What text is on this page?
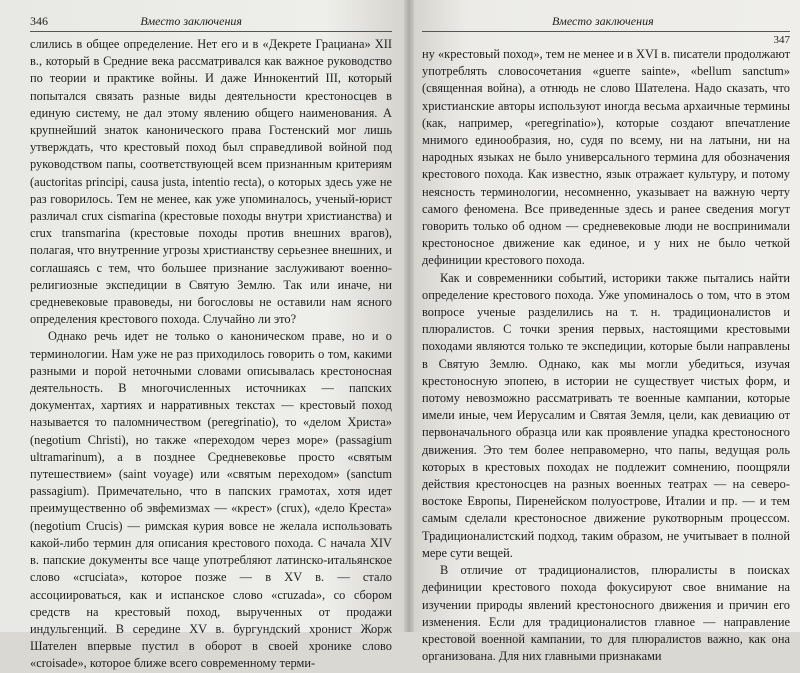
346	Вместо заключения

слились в общее определение. Нет его и в «Декрете Грациана» XII в., который в Средние века рассматривался как важное руководство по теории и практике войны. И даже Иннокентий III, который попытался связать разные виды деятельности крестоносцев в единую систему, не дал этому явлению общего наименования. А крупнейший знаток канонического права Гостенский мог лишь утверждать, что крестовый поход был справедливой войной под руководством папы, соответствующей всем признанным критериям (auctoritas principi, causa justa, intentio recta), о которых здесь уже не раз говорилось. Тем не менее, как уже упоминалось, ученый-юрист различал crux cismarina (крестовые походы внутри христианства) и crux transmarina (крестовые походы против внешних врагов), полагая, что внутренние угрозы христианству серьезнее внешних, и соглашаясь с тем, что большее признание заслуживают военно-религиозные экспедиции в Святую Землю. Так или иначе, ни средневековые правоведы, ни богословы не оставили нам ясного определения крестового похода. Случайно ли это?

Однако речь идет не только о каноническом праве, но и о терминологии. Нам уже не раз приходилось говорить о том, какими разными и порой неточными словами описывалась крестоносная деятельность. В многочисленных источниках — папских документах, хартиях и нарративных текстах — крестовый поход называется то паломничеством (peregrinatio), то «делом Христа» (negotium Christi), но также «переходом через море» (passagium ultramarinum), а в позднее Средневековье просто «святым путешествием» (saint voyage) или «святым переходом» (sanctum passagium). Примечательно, что в папских грамотах, хотя идет преимущественно об эвфемизмах — «крест» (crux), «дело Креста» (negotium Crucis) — римская курия вовсе не желала использовать какой-либо термин для описания крестового похода. С начала XIV в. папские документы все чаще употребляют латинско-итальянское слово «cruciata», которое позже — в XV в. — стало ассоциироваться, как и испанское слово «cruzada», со сбором средств на крестовый поход, вырученных от продажи индульгенций. В середине XV в. бургундский хронист Жорж Шателен впервые пустил в оборот в своей хронике слово «croisade», которое ближе всего современному терми-

Вместо заключения
347

ну «крестовый поход», тем не менее и в XVI в. писатели продолжают употреблять словосочетания «guerre sainte», «bellum sanctum» (священная война), а отнюдь не слово Шателена. Надо сказать, что христианские авторы используют иногда весьма архаичные термины (как, например, «peregrinatio»), которые создают впечатление мнимого единообразия, но, судя по всему, ни на латыни, ни на народных языках не было универсального термина для обозначения крестового похода. Как известно, язык отражает культуру, и потому неясность терминологии, несомненно, указывает на важную черту самого феномена. Все приведенные здесь и ранее сведения могут говорить только об одном — средневековые люди не воспринимали крестоносное движение как единое, и у них не было четкой дефиниции крестового похода.

Как и современники событий, историки также пытались найти определение крестового похода. Уже упоминалось о том, что в этом вопросе ученые разделились на т. н. традиционалистов и плюралистов. С точки зрения первых, настоящими крестовыми походами являются только те экспедиции, которые были направлены в Святую Землю. Однако, как мы могли убедиться, изучая крестоносную эпопею, в истории не существует чистых форм, и потому невозможно рассматривать те военные кампании, которые имели иные, чем Иерусалим и Святая Земля, цели, как девиацию от первоначального образца или как проявление упадка крестоносного движения. Это тем более неправомерно, что папы, ведущая роль которых в крестовых походах не подлежит сомнению, поощряли действия крестоносцев на разных военных театрах — на северо-востоке Европы, Пиренейском полуострове, Италии и пр. — и тем самым сделали крестоносное движение рукотворным процессом. Традиционалистский подход, таким образом, не учитывает в полной мере сути вещей.

В отличие от традиционалистов, плюралисты в поисках дефиниции крестового похода фокусируют свое внимание на изучении природы явлений крестоносного движения и причин его изменения. Если для традиционалистов главное — направление крестовой военной кампании, то для плюралистов важно, как она организована. Для них главными признаками
